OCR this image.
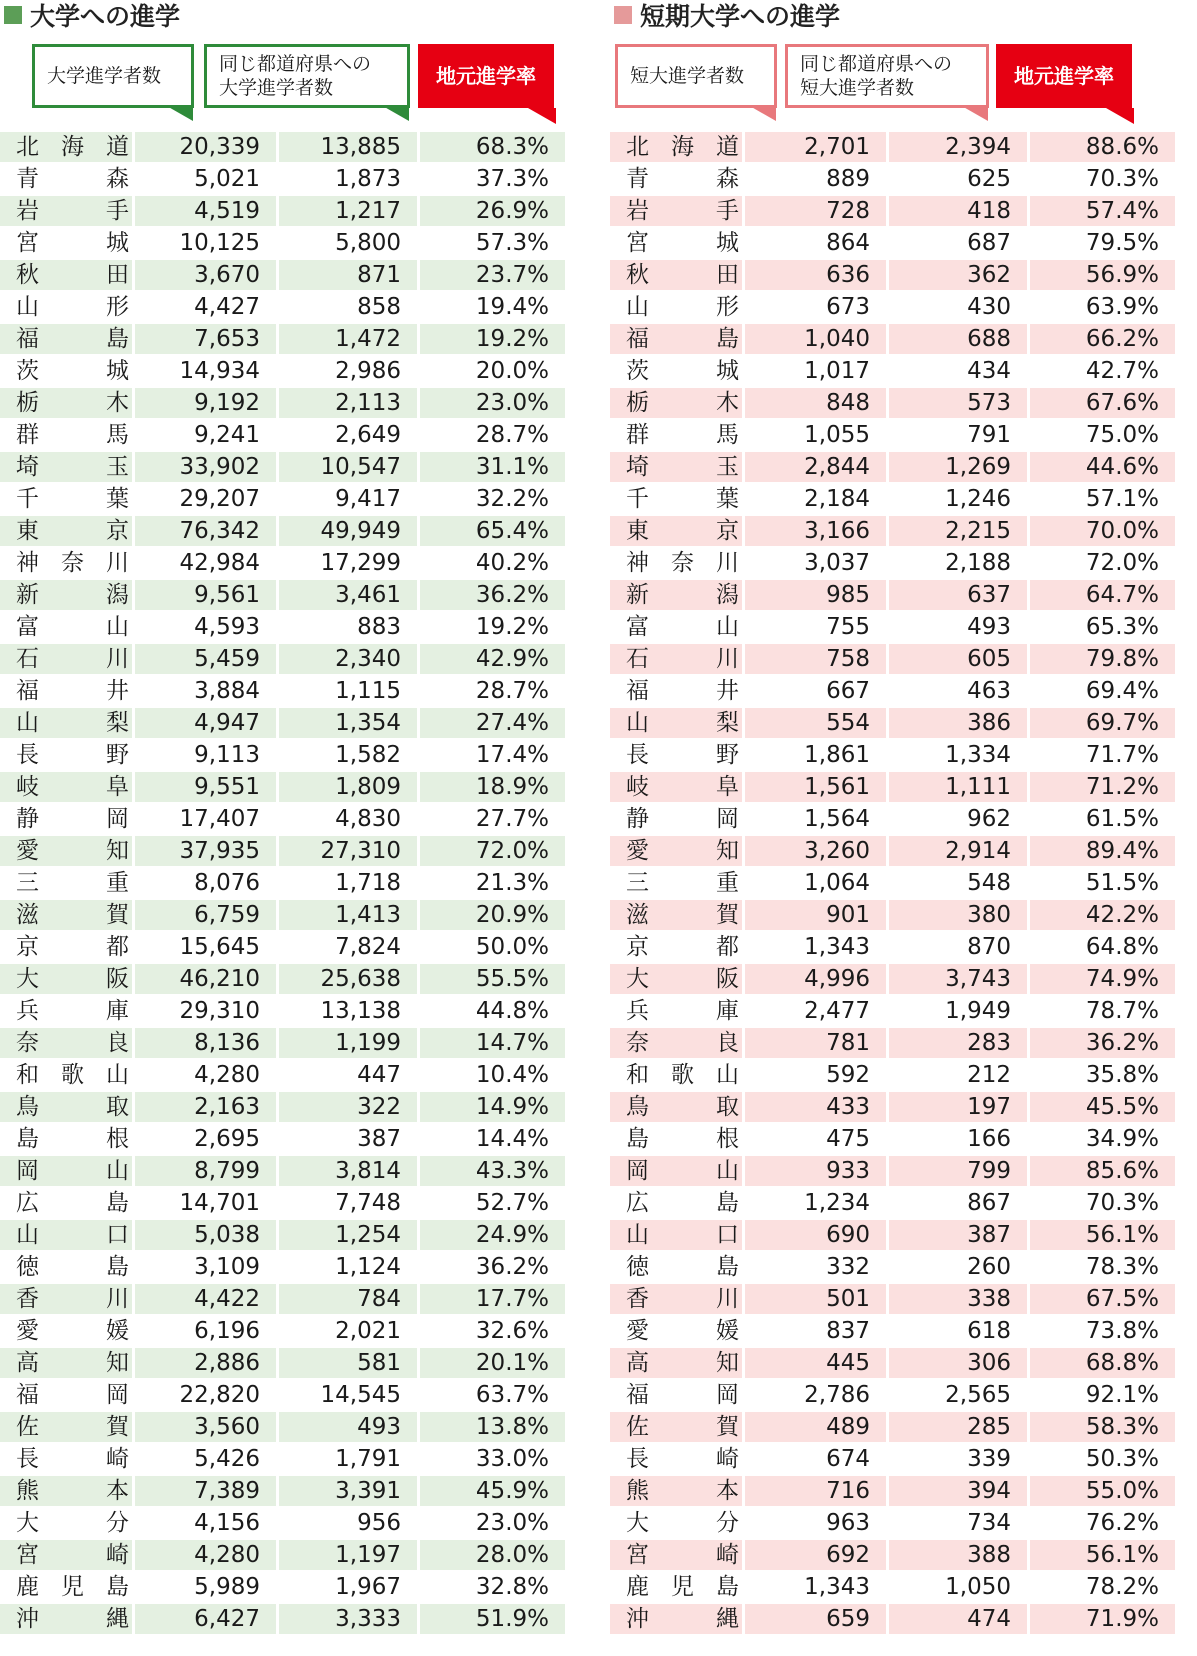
大学への進学
大学進学者数
同じ都道府県への
大学進学者数	地元進学率
北 海 道	20,339	13,885	68.3%
青	森	5,021	1,873	37.3%
岩	手	4,519	1,217	26.9%
宮	城	10,125	5,800	57.3%
秋	田	3,670	871	23.7%
山	形	4,427	858	19.4%
福	島	7,653	1,472	19.2%
茨	城	14,934	2,986	20.0%
栃	木	9,192	2,113	23.0%
群	馬	9,241	2,649	28.7%
埼	玉	33,902	10,547	31.1%
千	葉	29,207	9,417	32.2%
東	京	76,342	49,949	65.4%
神 奈 川	42,984	17,299	40.2%
新	潟	9,561	3,461	36.2%
富	山	4,593	883	19.2%
石	川	5,459	2,340	42.9%
福	井	3,884	1,115	28.7%
山	梨	4,947	1,354	27.4%
長	野	9,113	1,582	17.4%
岐	阜	9,551	1,809	18.9%
静	岡	17,407	4,830	27.7%
愛	知	37,935	27,310	72.0%
三	重	8,076	1,718	21.3%
滋	賀	6,759	1,413	20.9%
京	都	15,645	7,824	50.0%
大	阪	46,210	25,638	55.5%
兵	庫	29,310	13,138	44.8%
奈	良	8,136	1,199	14.7%
和 歌 山	4,280	447	10.4%
鳥	取	2,163	322	14.9%
島	根	2,695	387	14.4%
岡	山	8,799	3,814	43.3%
広	島	14,701	7,748	52.7%
山	口	5,038	1,254	24.9%
徳	島	3,109	1,124	36.2%
香	川	4,422	784	17.7%
愛	媛	6,196	2,021	32.6%
高	知	2,886	581	20.1%
福	岡	22,820	14,545	63.7%
佐	賀	3,560	493	13.8%
長	崎	5,426	1,791	33.0%
熊	本	7,389	3,391	45.9%
大	分	4,156	956	23.0%
宮	崎	4,280	1,197	28.0%
鹿 児 島	5,989	1,967	32.8%
沖	縄	6,427	3,333	51.9%
短期大学への進学
短大進学者数
同じ都道府県への
短大進学者数	地元進学率
北 海 道	2,701	2,394	88.6%
青	森	889	625	70.3%
岩	手	728	418	57.4%
宮	城	864	687	79.5%
秋	田	636	362	56.9%
山	形	673	430	63.9%
福	島	1,040	688	66.2%
茨	城	1,017	434	42.7%
栃	木	848	573	67.6%
群	馬	1,055	791	75.0%
埼	玉	2,844	1,269	44.6%
千	葉	2,184	1,246	57.1%
東	京	3,166	2,215	70.0%
神 奈 川	3,037	2,188	72.0%
新	潟	985	637	64.7%
富	山	755	493	65.3%
石	川	758	605	79.8%
福	井	667	463	69.4%
山	梨	554	386	69.7%
長	野	1,861	1,334	71.7%
岐	阜	1,561	1,111	71.2%
静	岡	1,564	962	61.5%
愛	知	3,260	2,914	89.4%
三	重	1,064	548	51.5%
滋	賀	901	380	42.2%
京	都	1,343	870	64.8%
大	阪	4,996	3,743	74.9%
兵	庫	2,477	1,949	78.7%
奈	良	781	283	36.2%
和 歌 山	592	212	35.8%
鳥	取	433	197	45.5%
島	根	475	166	34.9%
岡	山	933	799	85.6%
広	島	1,234	867	70.3%
山	口	690	387	56.1%
徳	島	332	260	78.3%
香	川	501	338	67.5%
愛	媛	837	618	73.8%
高	知	445	306	68.8%
福	岡	2,786	2,565	92.1%
佐	賀	489	285	58.3%
長	崎	674	339	50.3%
熊	本	716	394	55.0%
大	分	963	734	76.2%
宮	崎	692	388	56.1%
鹿 児 島	1,343	1,050	78.2%
沖	縄	659	474	71.9%
